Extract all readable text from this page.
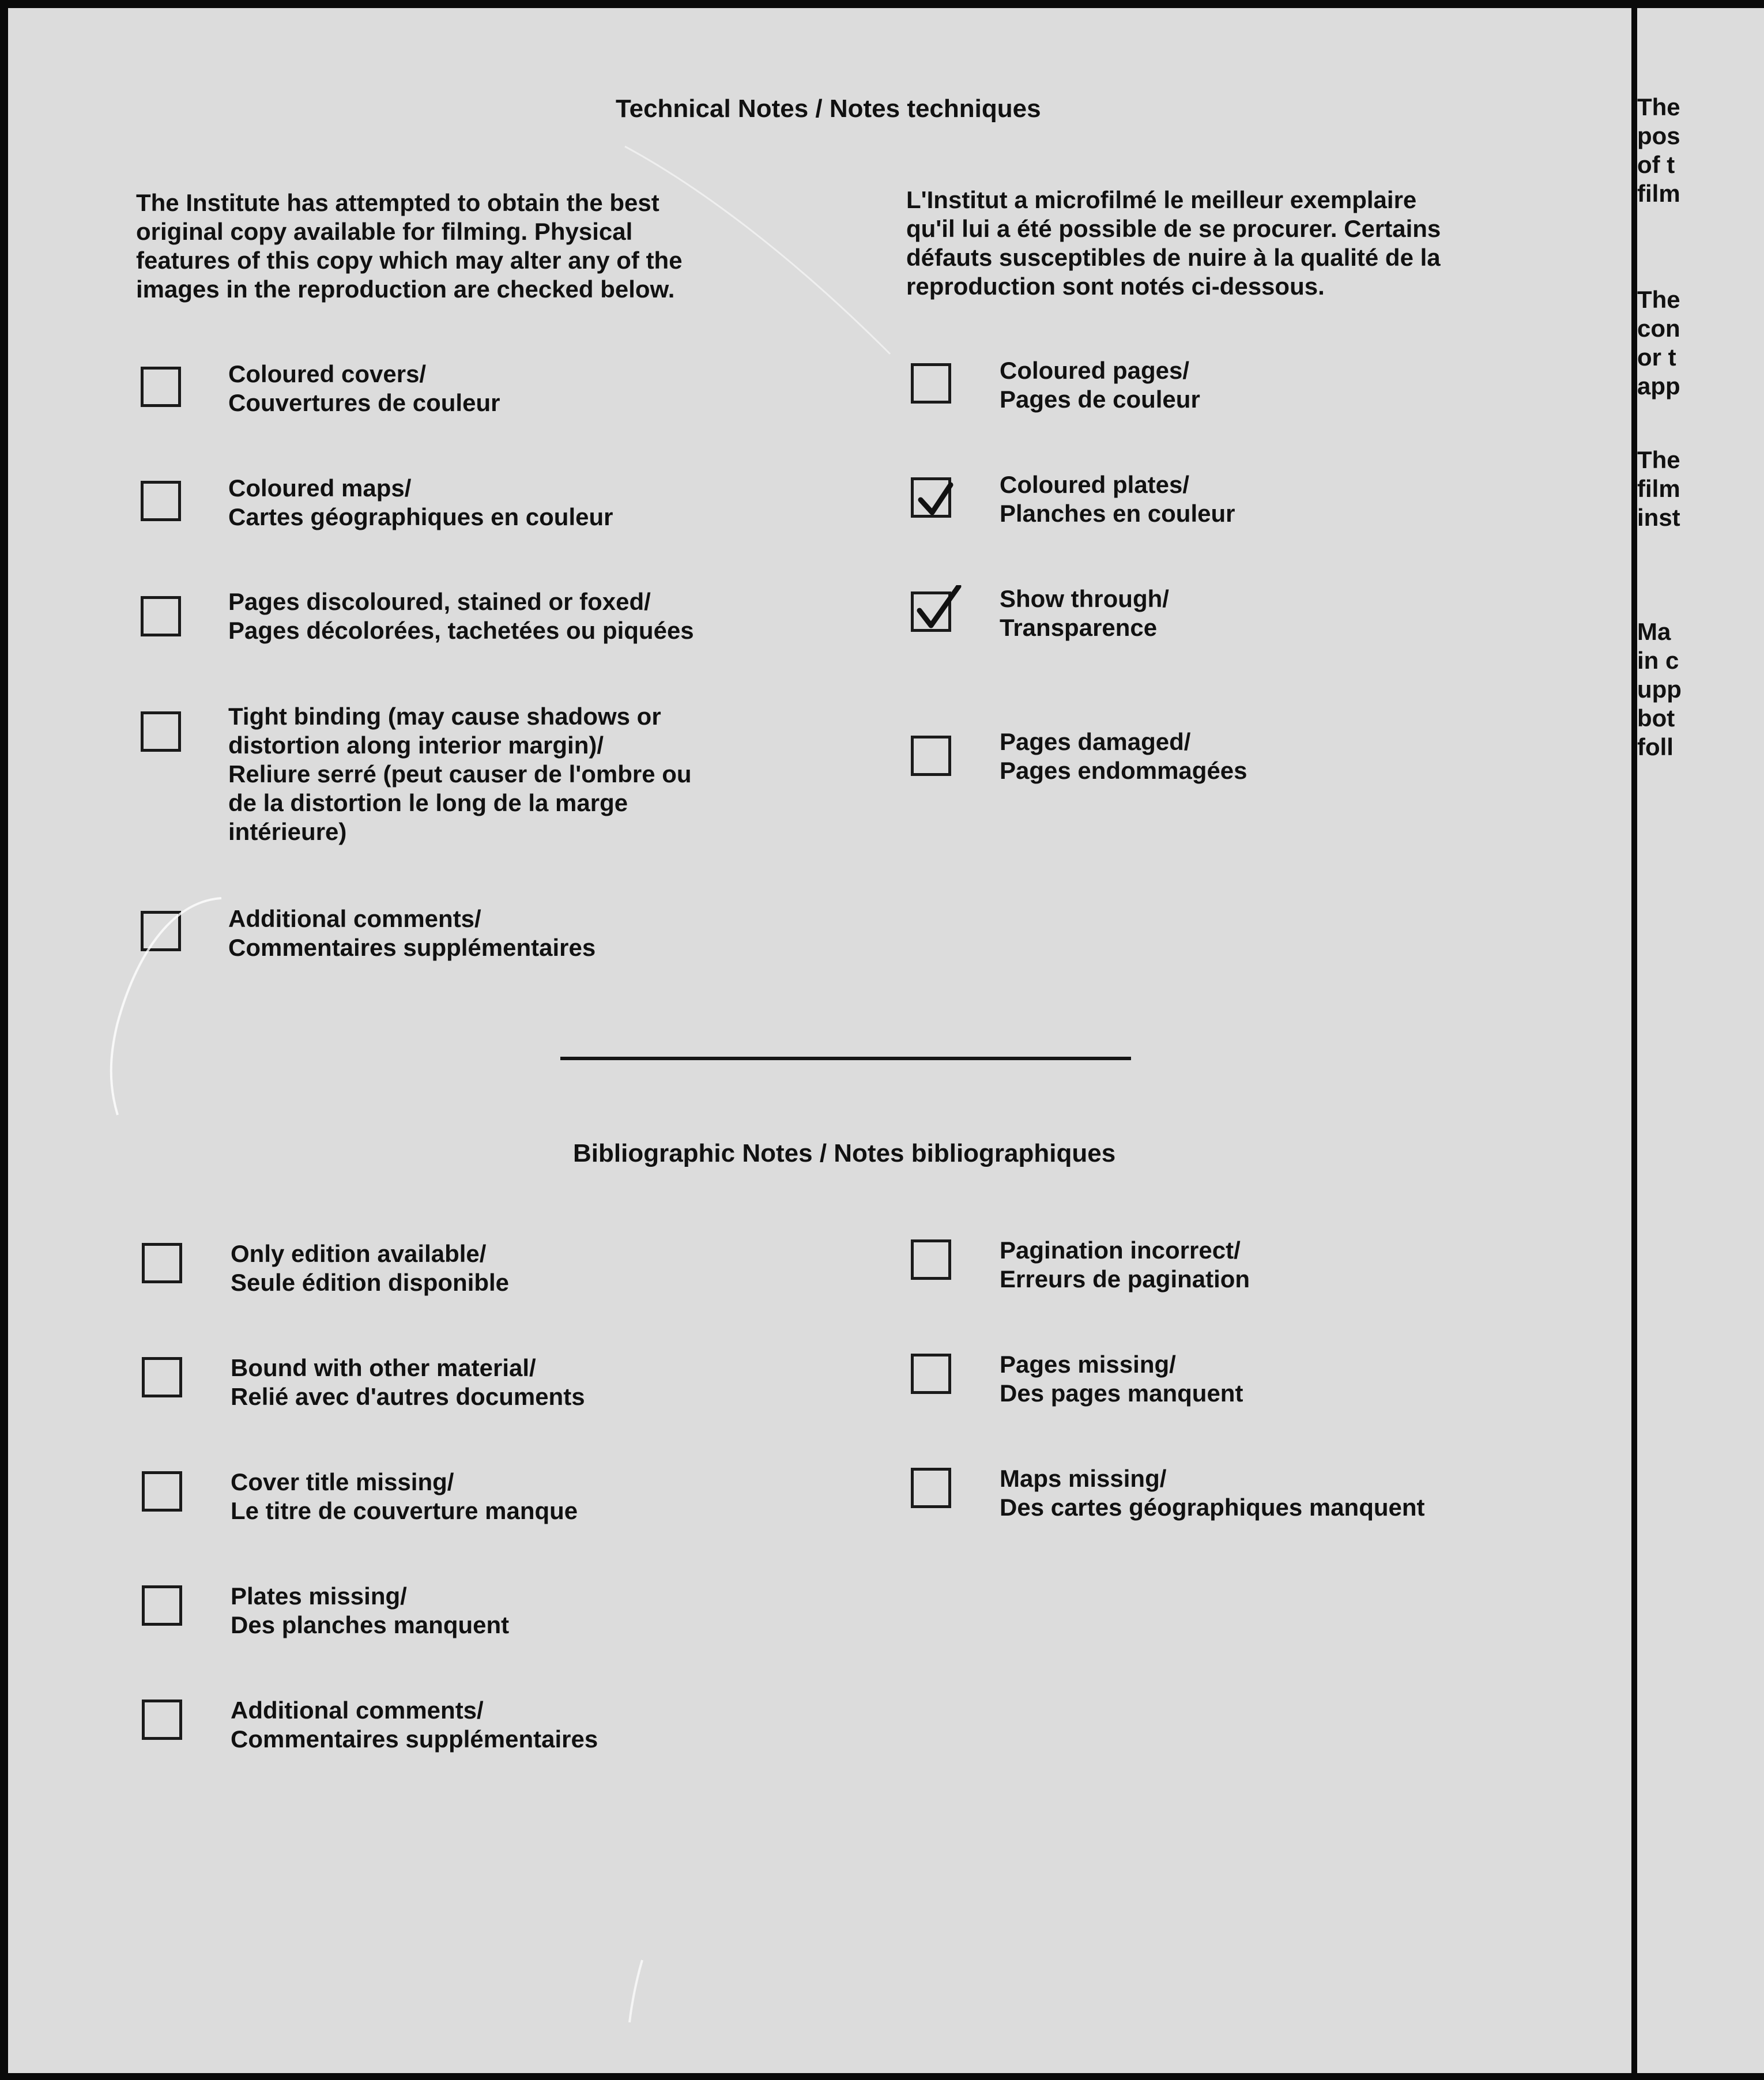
Technical Notes / Notes techniques
The Institute has attempted to obtain the best
original copy available for filming. Physical
features of this copy which may alter any of the
images in the reproduction are checked below.
L'Institut a microfilmé le meilleur exemplaire
qu'il lui a été possible de se procurer. Certains
défauts susceptibles de nuire à la qualité de la
reproduction sont notés ci-dessous.
Coloured covers/
Couvertures de couleur
Coloured maps/
Cartes géographiques en couleur
Pages discoloured, stained or foxed/
Pages décolorées, tachetées ou piquées
Tight binding (may cause shadows or
distortion along interior margin)/
Reliure serré (peut causer de l'ombre ou
de la distortion le long de la marge
intérieure)
Additional comments/
Commentaires supplémentaires
Coloured pages/
Pages de couleur
Coloured plates/
Planches en couleur
Show through/
Transparence
Pages damaged/
Pages endommagées
Bibliographic Notes / Notes bibliographiques
Only edition available/
Seule édition disponible
Bound with other material/
Relié avec d'autres documents
Cover title missing/
Le titre de couverture manque
Plates missing/
Des planches manquent
Additional comments/
Commentaires supplémentaires
Pagination incorrect/
Erreurs de pagination
Pages missing/
Des pages manquent
Maps missing/
Des cartes géographiques manquent
The
pos
of t
film
The
con
or t
app
The
film
inst
Ma
in c
upp
bot
foll
